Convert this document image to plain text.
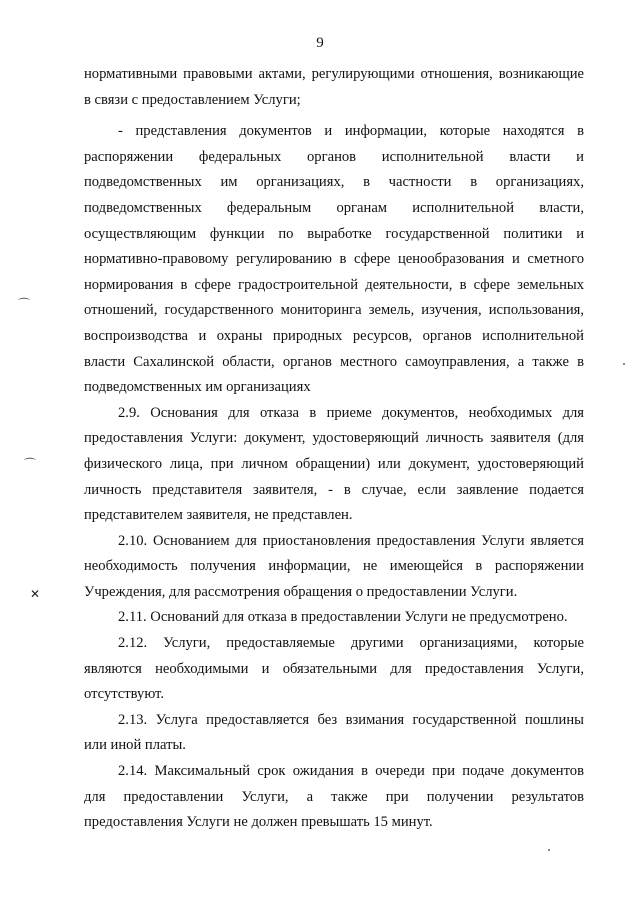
9
нормативными правовыми актами, регулирующими отношения, возникающие
в связи с предоставлением Услуги;
- представления документов и информации, которые находятся в
распоряжении федеральных органов исполнительной власти и
подведомственных им организациях, в частности в организациях,
подведомственных федеральным органам исполнительной власти,
осуществляющим функции по выработке государственной политики и
нормативно-правовому регулированию в сфере ценообразования и сметного
нормирования в сфере градостроительной деятельности, в сфере земельных
отношений, государственного мониторинга земель, изучения, использования,
воспроизводства и охраны природных ресурсов, органов исполнительной
власти Сахалинской области, органов местного самоуправления, а также в
подведомственных им организациях
2.9. Основания для отказа в приеме документов, необходимых для
предоставления Услуги: документ, удостоверяющий личность заявителя (для
физического лица, при личном обращении) или документ, удостоверяющий
личность представителя заявителя, - в случае, если заявление подается
представителем заявителя, не представлен.
2.10. Основанием для приостановления предоставления Услуги является
необходимость получения информации, не имеющейся в распоряжении
Учреждения, для рассмотрения обращения о предоставлении Услуги.
2.11. Оснований для отказа в предоставлении Услуги не предусмотрено.
2.12. Услуги, предоставляемые другими организациями, которые
являются необходимыми и обязательными для предоставления Услуги,
отсутствуют.
2.13. Услуга предоставляется без взимания государственной пошлины
или иной платы.
2.14. Максимальный срок ожидания в очереди при подаче документов
для предоставлении Услуги, а также при получении результатов
предоставления Услуги не должен превышать 15 минут.
⌒
⌒
✕
